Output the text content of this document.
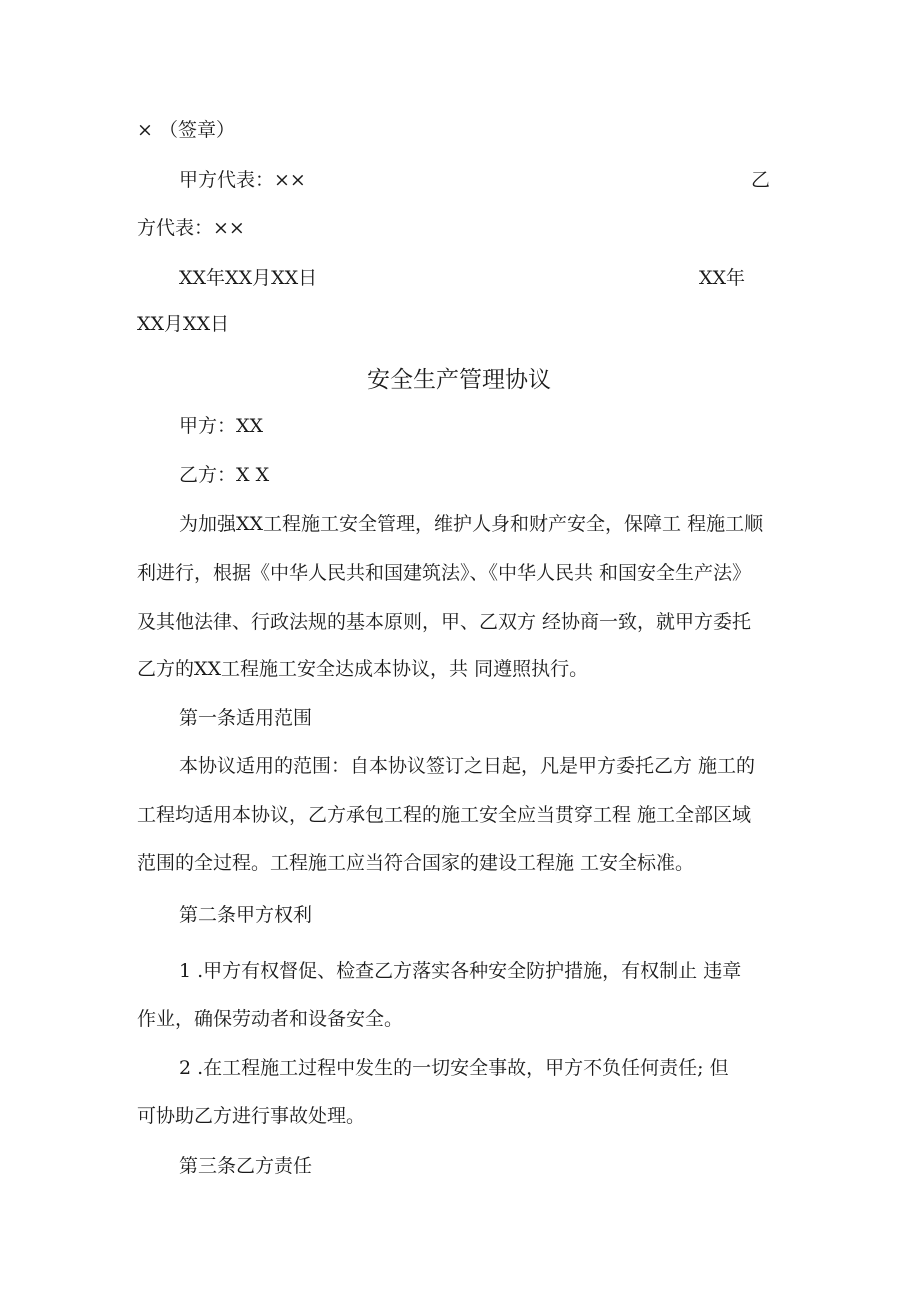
× （签章）
甲方代表：××	乙
方代表：××
XX年XX月XX日	XX年
XX月XX日
安全生产管理协议
甲方：XX
乙方：X X
为加强XX工程施工安全管理，维护人身和财产安全，保障工 程施工顺
利进行，根据《中华人民共和国建筑法》、《中华人民共 和国安全生产法》
及其他法律、行政法规的基本原则，甲、乙双方 经协商一致，就甲方委托
乙方的XX工程施工安全达成本协议，共 同遵照执行。
第一条适用范围
本协议适用的范围：自本协议签订之日起，凡是甲方委托乙方 施工的
工程均适用本协议，乙方承包工程的施工安全应当贯穿工程 施工全部区域
范围的全过程。工程施工应当符合国家的建设工程施 工安全标准。
第二条甲方权利
1 .甲方有权督促、检查乙方落实各种安全防护措施，有权制止 违章
作业，确保劳动者和设备安全。
2 .在工程施工过程中发生的一切安全事故，甲方不负任何责任; 但
可协助乙方进行事故处理。
第三条乙方责任
